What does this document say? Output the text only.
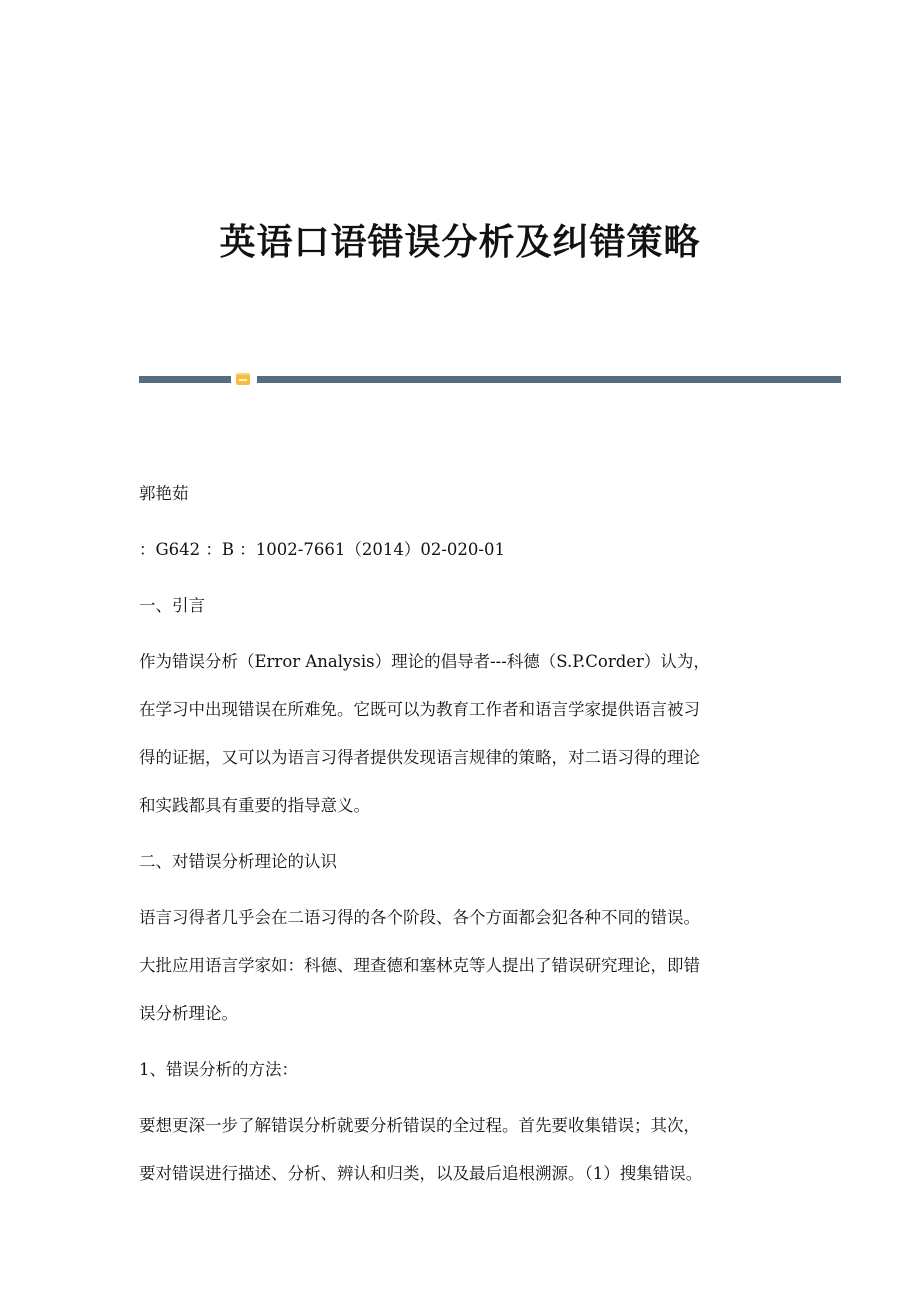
英语口语错误分析及纠错策略
郭艳茹
：G642 ：B ：1002-7661（2014）02-020-01
一、引言
作为错误分析（Error Analysis）理论的倡导者---科德（S.P.Corder）认为，
在学习中出现错误在所难免。它既可以为教育工作者和语言学家提供语言被习
得的证据，又可以为语言习得者提供发现语言规律的策略，对二语习得的理论
和实践都具有重要的指导意义。
二、对错误分析理论的认识
语言习得者几乎会在二语习得的各个阶段、各个方面都会犯各种不同的错误。
大批应用语言学家如：科德、理查德和塞林克等人提出了错误研究理论，即错
误分析理论。
1、错误分析的方法：
要想更深一步了解错误分析就要分析错误的全过程。首先要收集错误；其次，
要对错误进行描述、分析、辨认和归类，以及最后追根溯源。（1）搜集错误。
